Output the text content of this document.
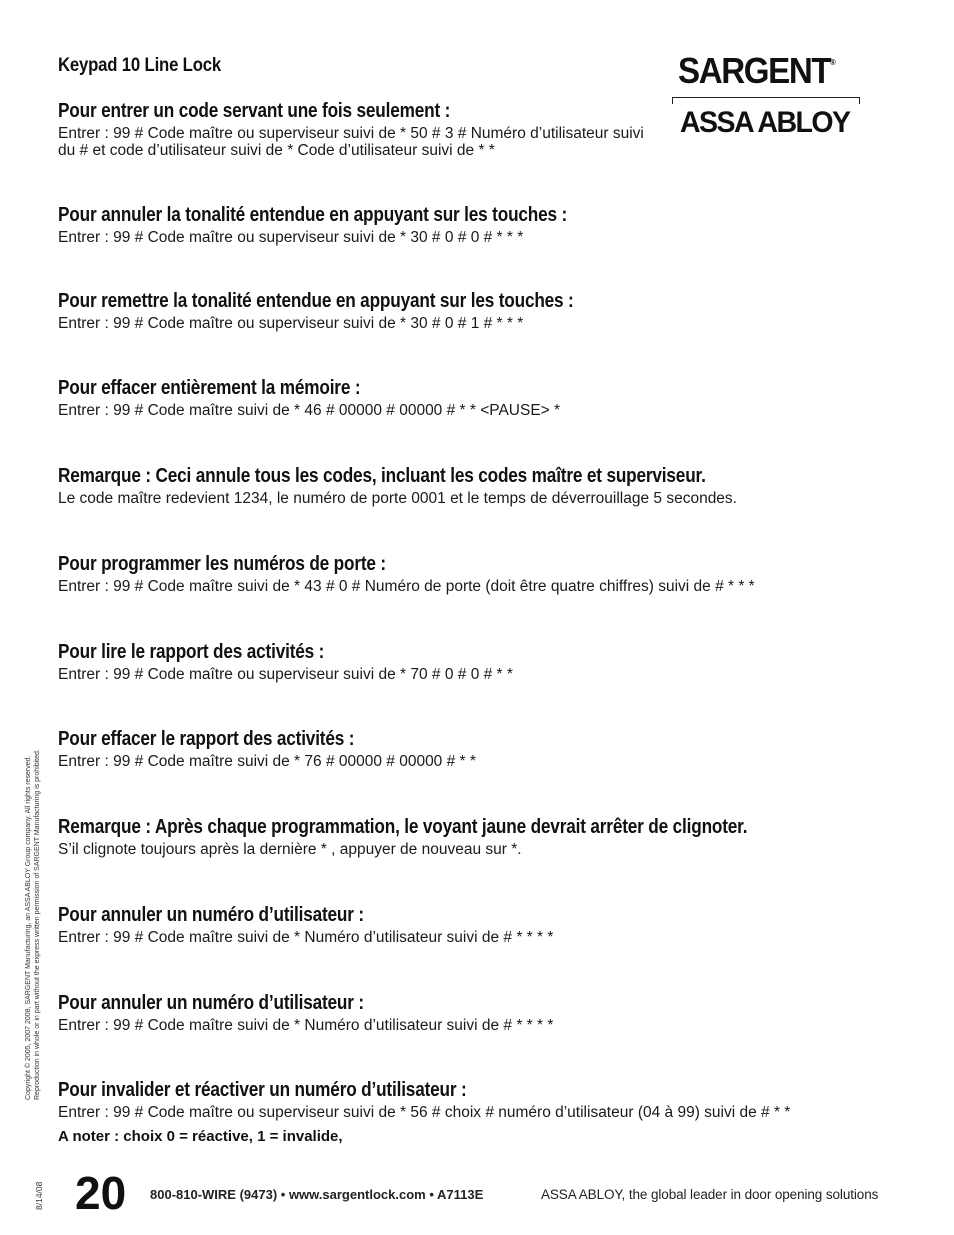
Keypad 10 Line Lock	SARGENT®
ASSA ABLOY
Pour entrer un code servant une fois seulement :
Entrer : 99 # Code maître ou superviseur suivi de * 50 # 3 # Numéro d’utilisateur suivi du # et code d’utilisateur suivi de * Code d’utilisateur suivi de * *
Pour annuler la tonalité entendue en appuyant sur les touches :
Entrer : 99 # Code maître ou superviseur suivi de * 30 # 0 # 0 # * * *
Pour remettre la tonalité entendue en appuyant sur les touches :
Entrer : 99 # Code maître ou superviseur suivi de * 30 # 0 # 1 # * * *
Pour effacer entièrement la mémoire :
Entrer : 99 # Code maître suivi de * 46 # 00000 # 00000 # * * <PAUSE> *
Remarque : Ceci annule tous les codes, incluant les codes maître et superviseur.
Le code maître redevient 1234, le numéro de porte 0001 et le temps de déverrouillage 5 secondes.
Pour programmer les numéros de porte :
Entrer : 99 # Code maître suivi de * 43 # 0 # Numéro de porte (doit être quatre chiffres) suivi de # * * *
Pour lire le rapport des activités :
Entrer : 99 # Code maître ou superviseur suivi de * 70 # 0 # 0 # * *
Pour effacer le rapport des activités :
Entrer : 99 # Code maître suivi de * 76 # 00000 # 00000 # * *
Remarque : Après chaque programmation, le voyant jaune devrait arrêter de clignoter.
S’il clignote toujours après la dernière * , appuyer de nouveau sur *.
Pour annuler un numéro d’utilisateur :
Entrer : 99 # Code maître suivi de * Numéro d’utilisateur suivi de # * * * *
Pour annuler un numéro d’utilisateur :
Entrer : 99 # Code maître suivi de * Numéro d’utilisateur suivi de # * * * *
Pour invalider et réactiver un numéro d’utilisateur :
Entrer : 99 # Code maître ou superviseur suivi de * 56 # choix # numéro d’utilisateur (04 à 99) suivi de # * *
A noter : choix 0 = réactive, 1 = invalide,
Copyright © 2005, 2007 2008, SARGENT Manufacturing, an ASSA ABLOY Group company. All rights reserved. Reproduction in whole or in part without the express written permission of SARGENT Manufacturing is prohibited.
8/14/08 20 800-810-WIRE (9473) • www.sargentlock.com • A7113E	ASSA ABLOY, the global leader in door opening solutions
